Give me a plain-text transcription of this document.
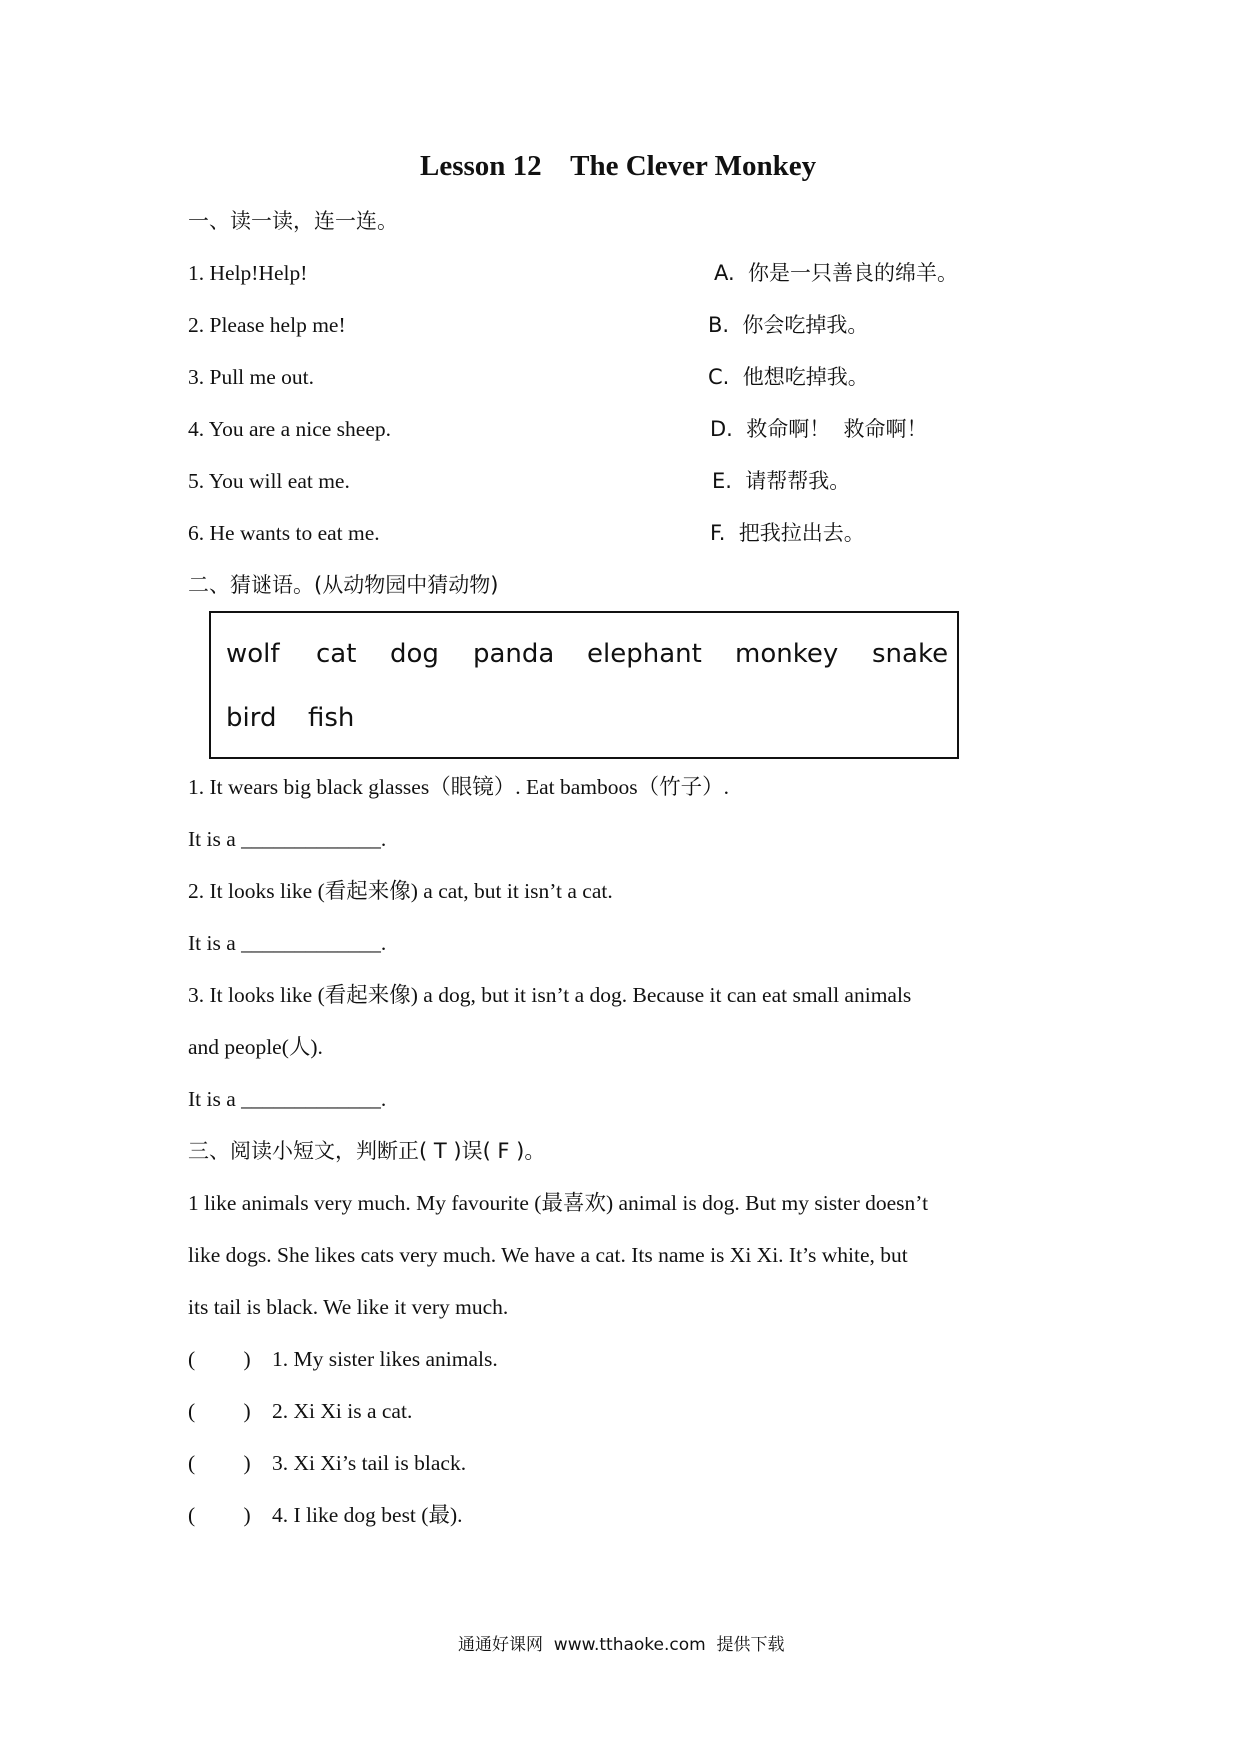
Lesson 12    The Clever Monkey
一、读一读，连一连。
1. Help!Help!
2. Please help me!
3. Pull me out.
4. You are a nice sheep.
5. You will eat me.
6. He wants to eat me.
A.  你是一只善良的绵羊。
B.  你会吃掉我。
C.  他想吃掉我。
D.  救命啊！  救命啊！
E.  请帮帮我。
F.  把我拉出去。
二、猜谜语。(从动物园中猜动物)
wolf cat dog panda elephant monkey snake
bird fish
1. It wears big black glasses（眼镜）. Eat bamboos（竹子）.
It is a _____________.
2. It looks like (看起来像) a cat, but it isn’t a cat.
It is a _____________.
3. It looks like (看起来像) a dog, but it isn’t a dog. Because it can eat small animals
and people(人).
It is a _____________.
三、阅读小短文，判断正( T )误( F )。
1 like animals very much. My favourite (最喜欢) animal is dog. But my sister doesn’t
like dogs. She likes cats very much. We have a cat. Its name is Xi Xi. It’s white, but
its tail is black. We like it very much.
(         ) 1. My sister likes animals.
(         ) 2. Xi Xi is a cat.
(         ) 3. Xi Xi’s tail is black.
(         ) 4. I like dog best (最).
通通好课网  www.tthaoke.com  提供下载
